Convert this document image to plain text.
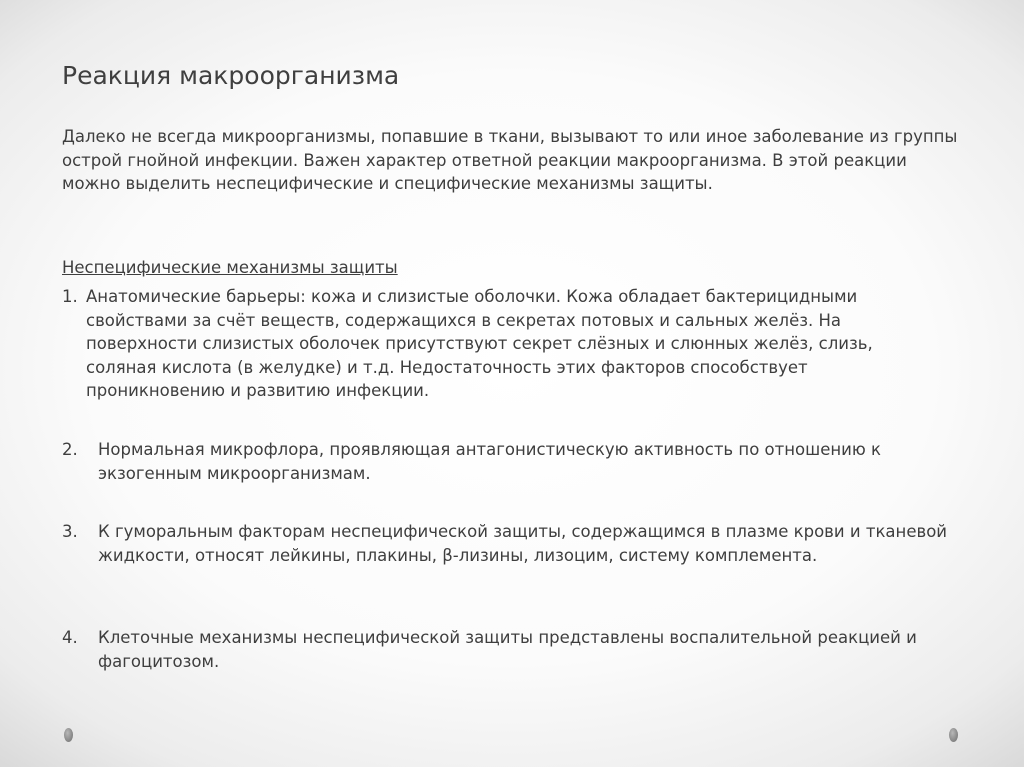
Реакция макроорганизма

Далеко не всегда микроорганизмы, попавшие в ткани, вызывают то или иное заболевание из группы острой гнойной инфекции. Важен характер ответной реакции макроорганизма. В этой реакции можно выделить неспецифические и специфические механизмы защиты.

Неспецифические механизмы защиты

1. Анатомические барьеры: кожа и слизистые оболочки. Кожа обладает бактерицидными свойствами за счёт веществ, содержащихся в секретах потовых и сальных желёз. На поверхности слизистых оболочек присутствуют секрет слёзных и слюнных желёз, слизь, соляная кислота (в желудке) и т.д. Недостаточность этих факторов способствует проникновению и развитию инфекции.
2. Нормальная микрофлора, проявляющая антагонистическую активность по отношению к экзогенным микроорганизмам.
3. К гуморальным факторам неспецифической защиты, содержащимся в плазме крови и тканевой жидкости, относят лейкины, плакины, β-лизины, лизоцим, систему комплемента.
4. Клеточные механизмы неспецифической защиты представлены воспалительной реакцией и фагоцитозом.
